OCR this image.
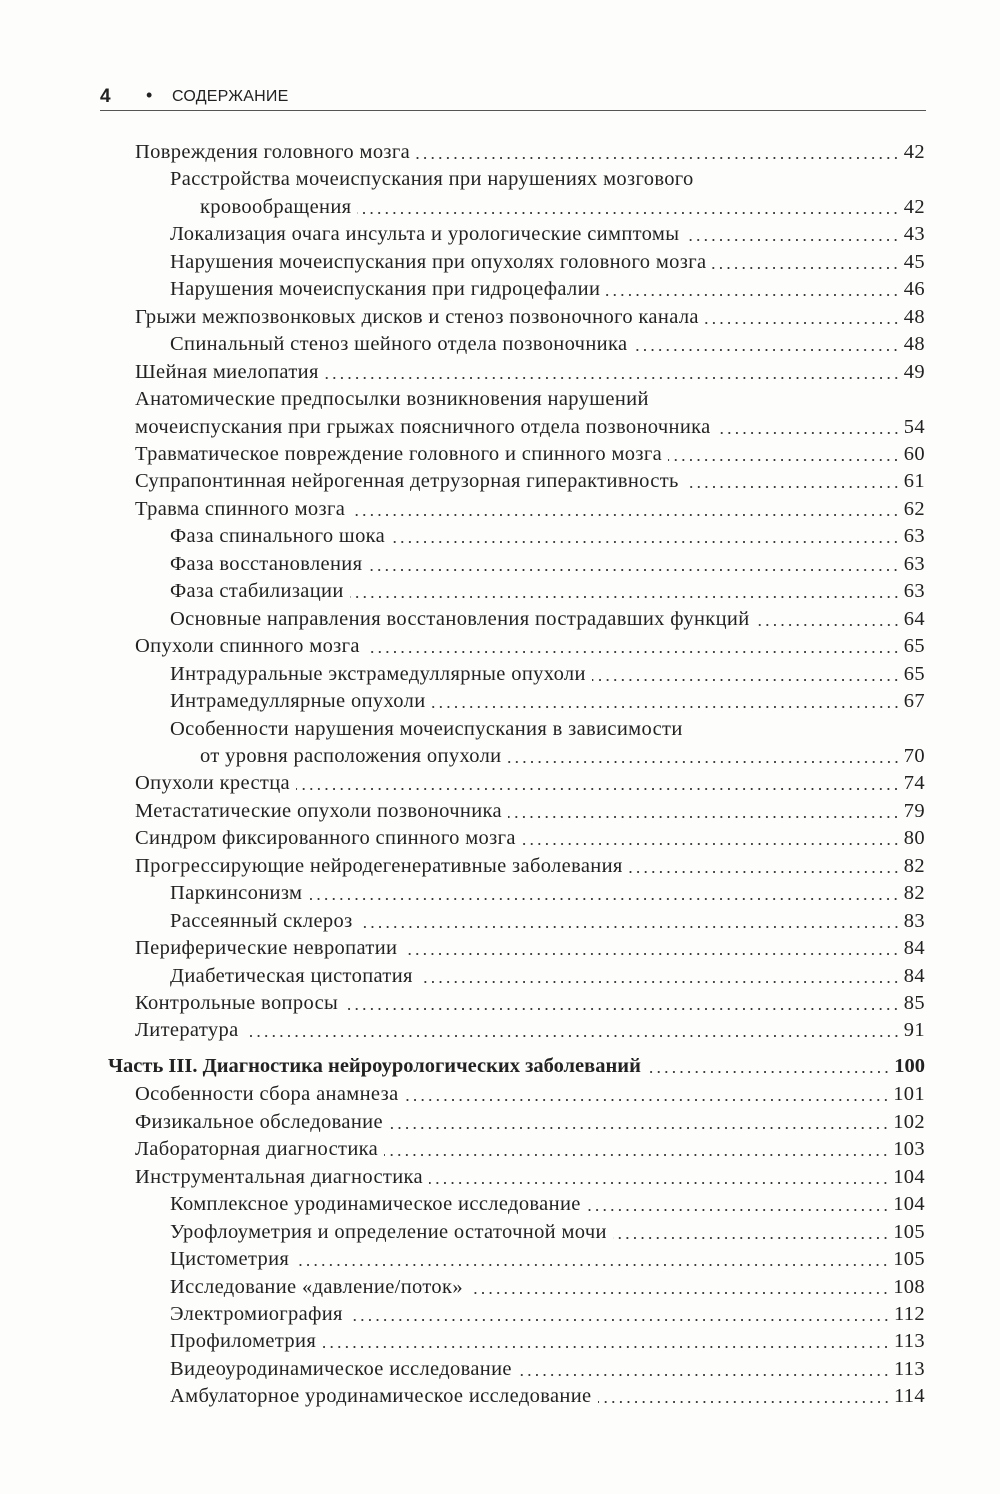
4 • СОДЕРЖАНИЕ
Повреждения головного мозга	42
Расстройства мочеиспускания при нарушениях мозгового
кровообращения	42
Локализация очага инсульта и урологические симптомы	43
Нарушения мочеиспускания при опухолях головного мозга	45
Нарушения мочеиспускания при гидроцефалии	46
Грыжи межпозвонковых дисков и стеноз позвоночного канала	48
Спинальный стеноз шейного отдела позвоночника	48
Шейная миелопатия	49
Анатомические предпосылки возникновения нарушений
мочеиспускания при грыжах поясничного отдела позвоночника	54
Травматическое повреждение головного и спинного мозга	60
Супрапонтинная нейрогенная детрузорная гиперактивность	61
Травма спинного мозга	62
Фаза спинального шока	63
Фаза восстановления	63
Фаза стабилизации	63
Основные направления восстановления пострадавших функций	64
Опухоли спинного мозга	65
Интрадуральные экстрамедуллярные опухоли	65
Интрамедуллярные опухоли	67
Особенности нарушения мочеиспускания в зависимости
от уровня расположения опухоли	70
Опухоли крестца	74
Метастатические опухоли позвоночника	79
Синдром фиксированного спинного мозга	80
Прогрессирующие нейродегенеративные заболевания	82
Паркинсонизм	82
Рассеянный склероз	83
Периферические невропатии	84
Диабетическая цистопатия	84
Контрольные вопросы	85
Литература	91
Часть III. Диагностика нейроурологических заболеваний	100
Особенности сбора анамнеза	101
Физикальное обследование	102
Лабораторная диагностика	103
Инструментальная диагностика	104
Комплексное уродинамическое исследование	104
Урофлоуметрия и определение остаточной мочи	105
Цистометрия	105
Исследование «давление/поток»	108
Электромиография	112
Профилометрия	113
Видеоуродинамическое исследование	113
Амбулаторное уродинамическое исследование	114
